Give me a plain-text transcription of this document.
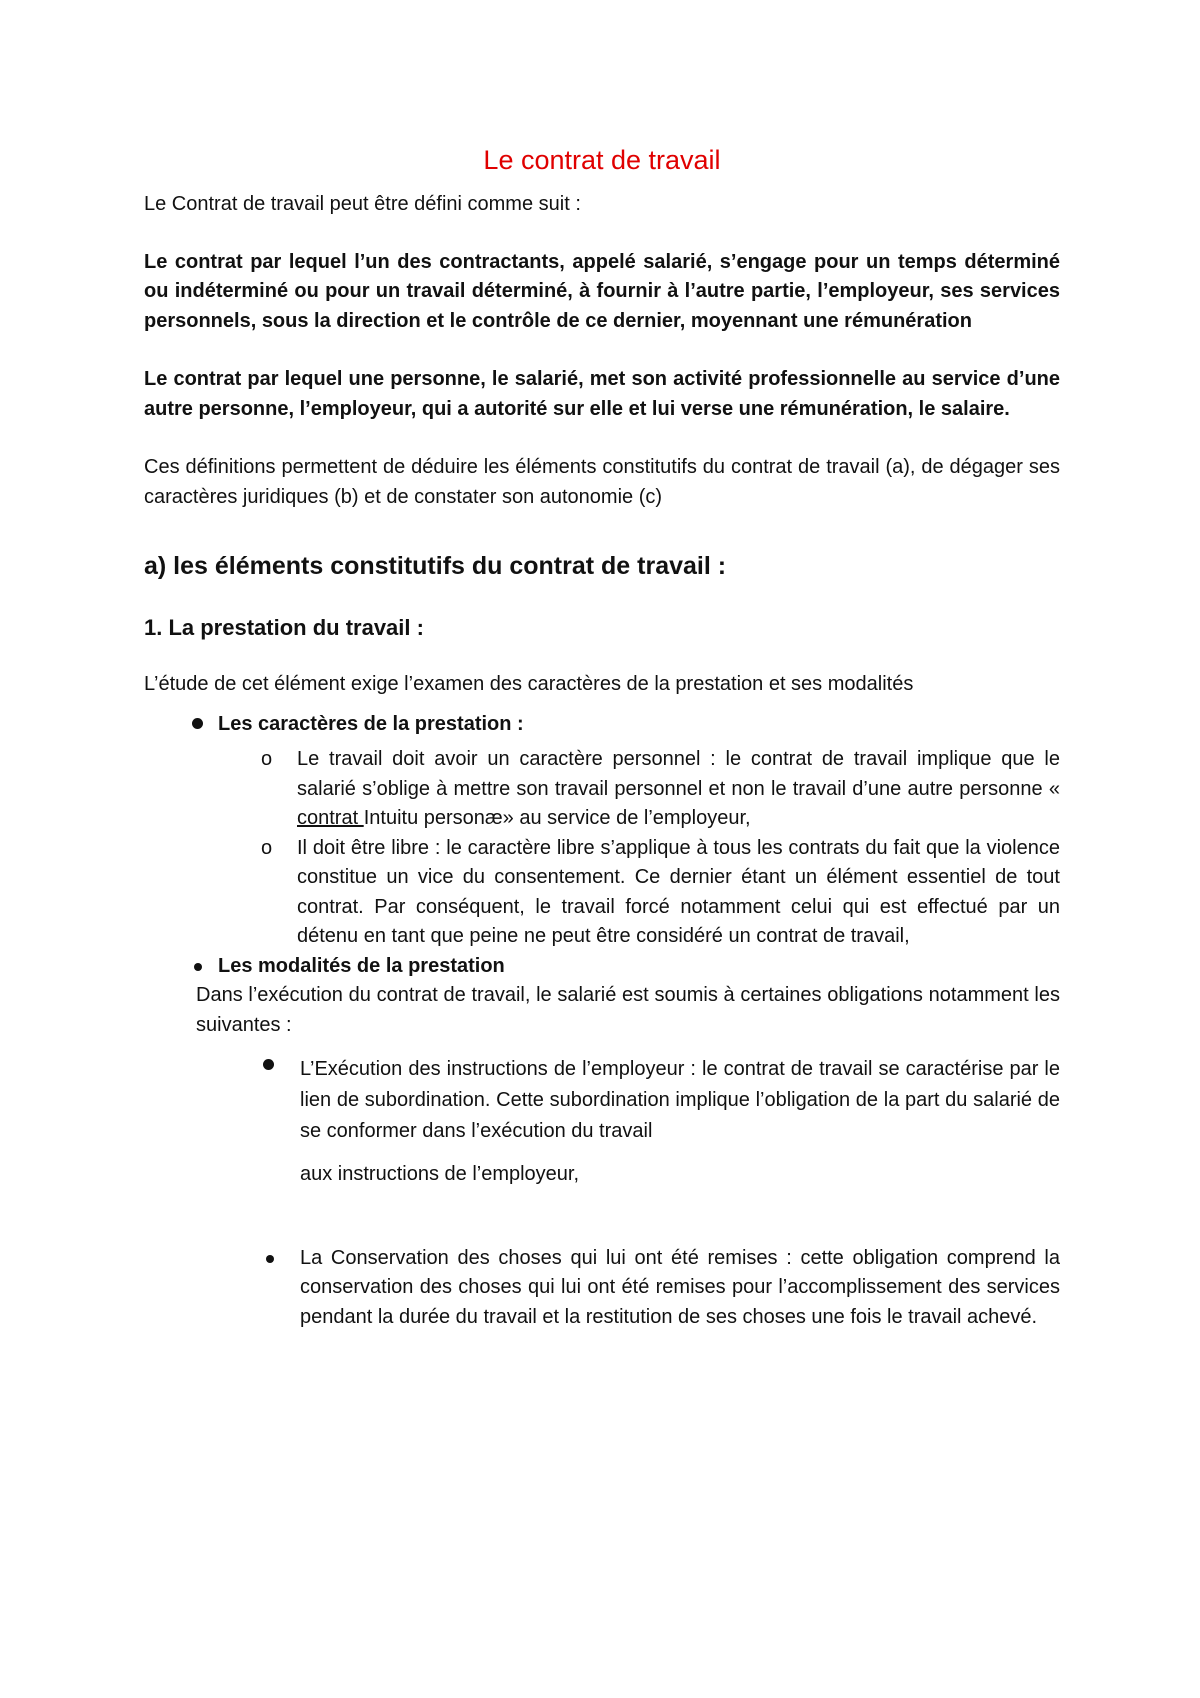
Le contrat de travail

Le Contrat de travail peut être défini comme suit :

Le contrat par lequel l’un des contractants, appelé salarié, s’engage pour un temps déterminé ou indéterminé ou pour un travail déterminé, à fournir à l’autre partie, l’employeur, ses services personnels, sous la direction et le contrôle de ce dernier, moyennant une rémunération

Le contrat par lequel une personne, le salarié, met son activité professionnelle au service d’une autre personne, l’employeur, qui a autorité sur elle et lui verse une rémunération, le salaire.

Ces définitions permettent de déduire les éléments constitutifs du contrat de travail (a), de dégager ses caractères juridiques (b) et de constater son autonomie (c)

a) les éléments constitutifs du contrat de travail :
1. La prestation du travail :

L’étude de cet élément exige l’examen des caractères de la prestation et ses modalités

Les caractères de la prestation :

o Le travail doit avoir un caractère personnel : le contrat de travail implique que le salarié s’oblige à mettre son travail personnel et non le travail d’une autre personne « contrat Intuitu personæ» au service de l’employeur,

o Il doit être libre : le caractère libre s’applique à tous les contrats du fait que la violence constitue un vice du consentement. Ce dernier étant un élément essentiel de tout contrat. Par conséquent, le travail forcé notamment celui qui est effectué par un détenu en tant que peine ne peut être considéré un contrat de travail,

Les modalités de la prestation

Dans l’exécution du contrat de travail, le salarié est soumis à certaines obligations notamment les suivantes :

L’Exécution des instructions de l’employeur : le contrat de travail se caractérise par le lien de subordination. Cette subordination implique l’obligation de la part du salarié de se conformer dans l’exécution du travail

aux instructions de l’employeur,

La Conservation des choses qui lui ont été remises : cette obligation comprend la conservation des choses qui lui ont été remises pour l’accomplissement des services pendant la durée du travail et la restitution de ses choses une fois le travail achevé.
